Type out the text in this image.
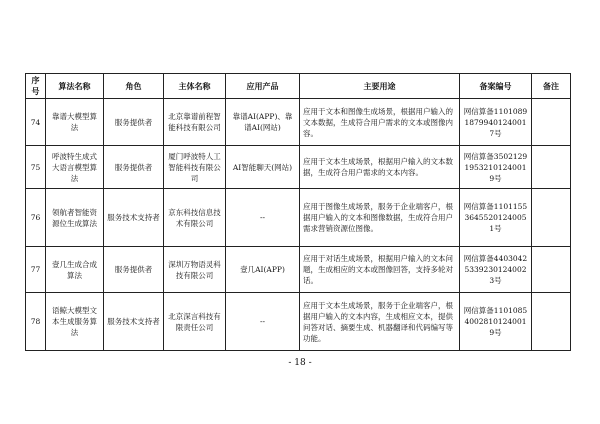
序号	算法名称	角色	主体名称	应用产品	主要用途	备案编号	备注
74	靠谱大模型算法	服务提供者	北京靠谱前程智能科技有限公司	靠谱AI(APP)、靠谱AI(网站)	应用于文本和图像生成场景，根据用户输入的文本数据，生成符合用户需求的文本或图像内容。	网信算备110108918799401240017号	
75	呼波特生成式大语言模型算法	服务提供者	厦门呼波特人工智能科技有限公司	AI智能聊天(网站)	应用于文本生成场景，根据用户输入的文本数据，生成符合用户需求的文本内容。	网信算备350212919532101240019号	
76	领航者智能资源位生成算法	服务技术支持者	京东科技信息技术有限公司	--	应用于图像生成场景，服务于企业端客户，根据用户输入的文本和图像数据，生成符合用户需求营销资源位图像。	网信算备110115536455201240051号	
77	壹几生成合成算法	服务提供者	深圳万物语灵科技有限公司	壹几AI(APP)	应用于对话生成场景，根据用户输入的文本问题，生成相应的文本或图像回答，支持多轮对话。	网信算备440304253392301240023号	
78	语鲸大模型文本生成服务算法	服务技术支持者	北京深言科技有限责任公司	--	应用于文本生成场景，服务于企业端客户，根据用户输入的文本内容，生成相应文本，提供问答对话、摘要生成、机器翻译和代码编写等功能。	网信算备110108540028101240019号	
- 18 -
